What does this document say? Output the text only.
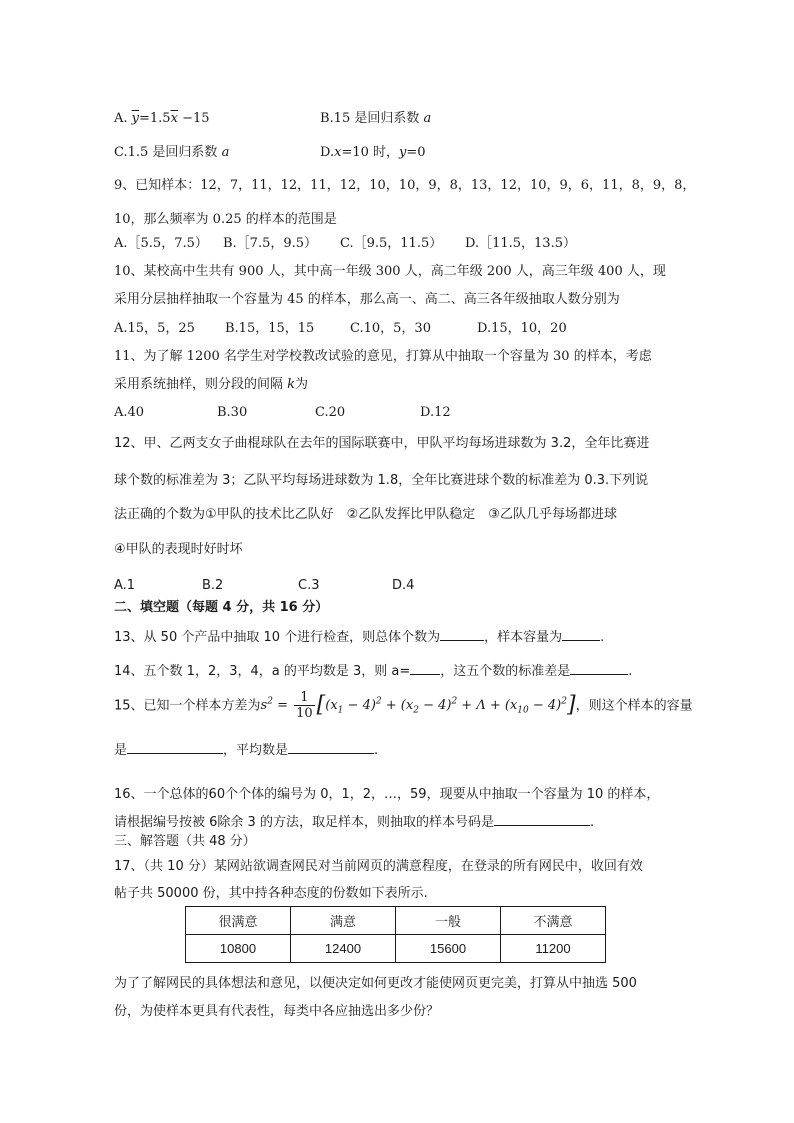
A. $\overline{y}=1.5\overline{x} -15$	B.15 是回归系数 a
C.1.5 是回归系数 a	D.x=10 时，y=0
9、已知样本：12，7，11，12，11，12，10，10，9，8，13，12，10，9，6，11，8，9，8，
10，那么频率为 0.25 的样本的范围是
A.［5.5，7.5） B.［7.5，9.5） C.［9.5，11.5） D.［11.5，13.5）
10、某校高中生共有 900 人，其中高一年级 300 人，高二年级 200 人，高三年级 400 人，现
采用分层抽样抽取一个容量为 45 的样本，那么高一、高二、高三各年级抽取人数分别为
A.15，5，25 B.15，15，15	C.10，5，30	D.15，10，20
11、为了解 1200 名学生对学校教改试验的意见，打算从中抽取一个容量为 30 的样本，考虑
采用系统抽样，则分段的间隔 k为
A.40	B.30	C.20	D.12
12、甲、乙两支女子曲棍球队在去年的国际联赛中，甲队平均每场进球数为 3.2，全年比赛进
球个数的标准差为 3；乙队平均每场进球数为 1.8，全年比赛进球个数的标准差为 0.3.下列说
法正确的个数为①甲队的技术比乙队好　②乙队发挥比甲队稳定　③乙队几乎每场都进球
④甲队的表现时好时坏
A.1	B.2	C.3	D.4
二、填空题（每题 4 分，共 16 分）
13、从 50 个产品中抽取 10 个进行检查，则总体个数为	，样本容量为	.
14、五个数 1，2，3，4，a 的平均数是 3，则 a= ，这五个数的标准差是	.
15、已知一个样本方差为$s^2 = \frac{1}{10} [(x_1 - 4)^2 + (x_2 - 4)^2 + \Lambda + (x_{10} - 4)^2]$，则这个样本的容量
是	，平均数是	.
16、一个总体的60个个体的编号为 0，1，2，…，59，现要从中抽取一个容量为 10 的样本，
请根据编号按被 6除余 3 的方法，取足样本，则抽取的样本号码是	.
三、解答题（共 48 分）
17、（共 10 分）某网站欲调查网民对当前网页的满意程度，在登录的所有网民中，收回有效
帖子共 50000 份，其中持各种态度的份数如下表所示.
很满意	满意	一般	不满意
10800	12400	15600	11200
为了了解网民的具体想法和意见，以便决定如何更改才能使网页更完美，打算从中抽选 500
份，为使样本更具有代表性，每类中各应抽选出多少份？
